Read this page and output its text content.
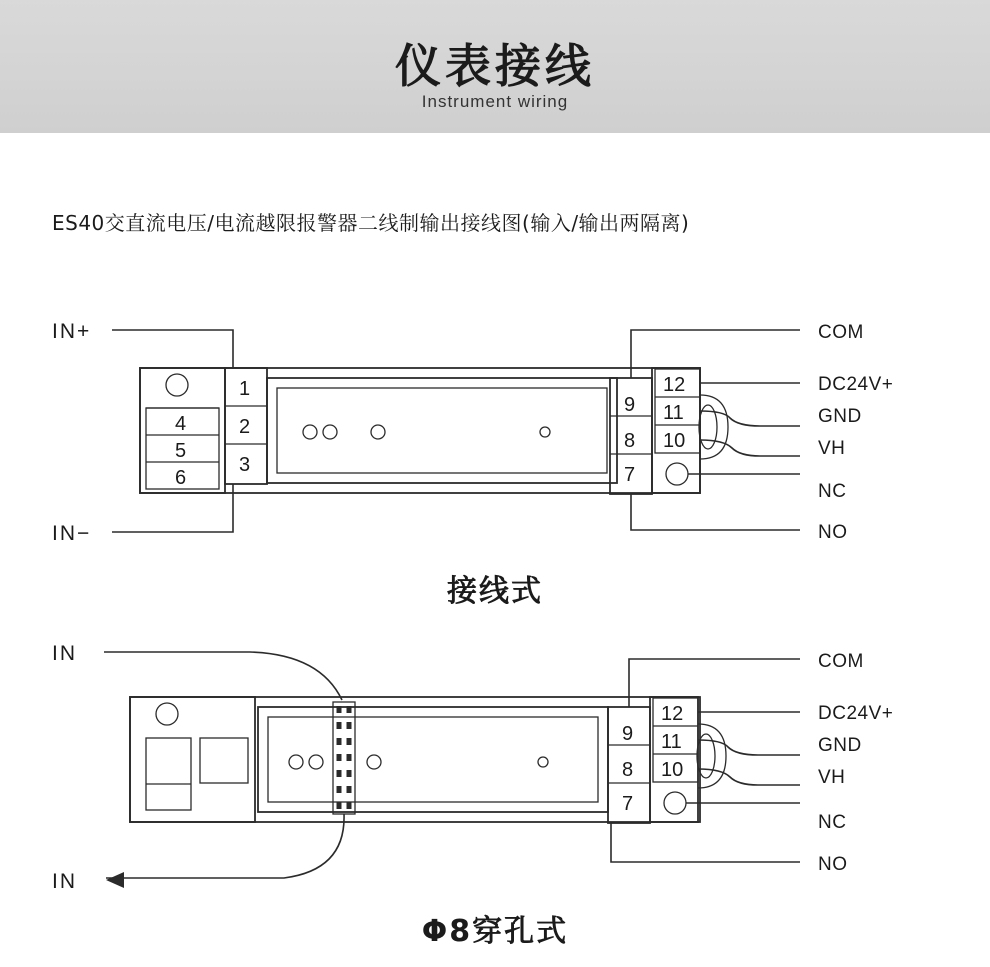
仪表接线
Instrument wiring
ES40交直流电压/电流越限报警器二线制输出接线图(输入/输出两隔离)
4
5
6
1
2
3
9
8
7
12
11
10
IN+
IN−
COM
DC24V+
GND
VH
NC
NO
9
8
7
12
11
10
IN
IN
COM
DC24V+
GND
VH
NC
NO
接线式
Φ8穿孔式
